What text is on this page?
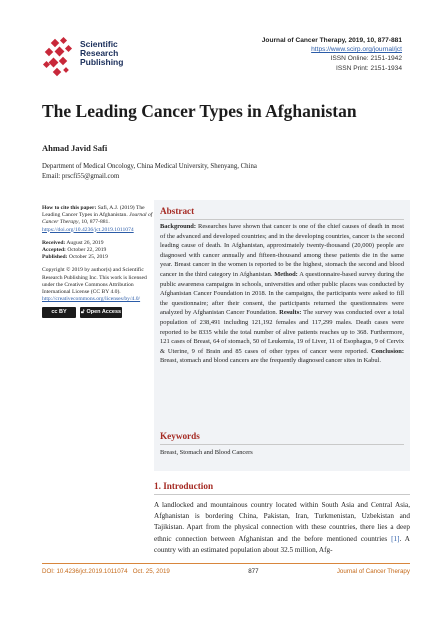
Scientific
Research
Publishing
Journal of Cancer Therapy, 2019, 10, 877-881
https://www.scirp.org/journal/jct
ISSN Online: 2151-1942
ISSN Print: 2151-1934
The Leading Cancer Types in Afghanistan
Ahmad Javid Safi
Department of Medical Oncology, China Medical University, Shenyang, China
Email: prscfi55@gmail.com
How to cite this paper: Safi, A.J. (2019) The Leading Cancer Types in Afghanistan. Journal of Cancer Therapy, 10, 877-881. https://doi.org/10.4236/jct.2019.1011074
Received: August 26, 2019
Accepted: October 22, 2019
Published: October 25, 2019
Copyright © 2019 by author(s) and Scientific Research Publishing Inc. This work is licensed under the Creative Commons Attribution International License (CC BY 4.0).
http://creativecommons.org/licenses/by/4.0/
cc BY	🔓︎ Open Access
Abstract
Background: Researches have shown that cancer is one of the chief causes of death in most of the advanced and developed countries; and in the developing countries, cancer is the second leading cause of death. In Afghanistan, approximately twenty-thousand (20,000) people are diagnosed with cancer annually and fifteen-thousand among these patients die in the same year. Breast cancer in the women is reported to be the highest, stomach the second and blood cancer in the third category in Afghanistan. Method: A questionnaire-based survey during the public awareness campaigns in schools, universities and other public places was conducted by Afghanistan Cancer Foundation in 2018. In the campaigns, the participants were asked to fill the questionnaire; after their consent, the participants returned the questionnaires were analyzed by Afghanistan Cancer Foundation. Results: The survey was conducted over a total population of 238,491 including 121,192 females and 117,299 males. Death cases were reported to be 8335 while the total number of alive patients reaches up to 368. Furthermore, 121 cases of Breast, 64 of stomach, 50 of Leukemia, 19 of Liver, 11 of Esophagus, 9 of Cervix & Uterine, 9 of Brain and 85 cases of other types of cancer were reported. Conclusion: Breast, stomach and blood cancers are the frequently diagnosed cancer sites in Kabul.
Keywords
Breast, Stomach and Blood Cancers
1. Introduction
A landlocked and mountainous country located within South Asia and Central Asia, Afghanistan is bordering China, Pakistan, Iran, Turkmenistan, Uzbekistan and Tajikistan. Apart from the physical connection with these countries, there lies a deep ethnic connection between Afghanistan and the before mentioned countries [1]. A country with an estimated population about 32.5 million, Afg-
DOI: 10.4236/jct.2019.1011074 Oct. 25, 2019	877	Journal of Cancer Therapy
